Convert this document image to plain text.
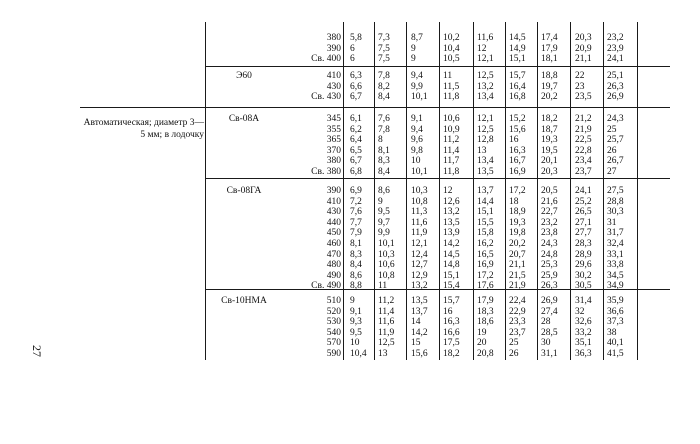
Автоматическая; диаметр 3—5 мм; в лодочку
27
380 5,8 7,3 8,7 10,2 11,6 14,5 17,4 20,3 23,2
390 6 7,5 9	10,4 12 14,9 17,9 20,9 23,9
Св. 400 6 7,5 9	10,5 12,1 15,1 18,1 21,1 24,1
Э60	410 6,3 7,8 9,4 11	12,5 15,7 18,8 22 25,1
430 6,6 8,2 9,9 11,5 13,2 16,4 19,7 23 26,3
Св. 430 6,7 8,4 10,1 11,8 13,4 16,8 20,2 23,5 26,9
Св-08А	345 6,1 7,6 9,1 10,6 12,1 15,2 18,2 21,2 24,3
355 6,2 7,8 9,4 10,9 12,5 15,6 18,7 21,9 25
365 6,4 8	9,6 11,2 12,8 16 19,3 22,5 25,7
370 6,5 8,1 9,8 11,4 13 16,3 19,5 22,8 26
380 6,7 8,3 10 11,7 13,4 16,7 20,1 23,4 26,7
Св. 380 6,8 8,4 10,1 11,8 13,5 16,9 20,3 23,7 27
Св-08ГА	390 6,9 8,6 10,3 12	13,7 17,2 20,5 24,1 27,5
410 7,2 9	10,8 12,6 14,4 18 21,6 25,2 28,8
430 7,6 9,5 11,3 13,2 15,1 18,9 22,7 26,5 30,3
440 7,7 9,7 11,6 13,5 15,5 19,3 23,2 27,1 31
450 7,9 9,9 11,9 13,9 15,8 19,8 23,8 27,7 31,7
460 8,1 10,1 12,1 14,2 16,2 20,2 24,3 28,3 32,4
470 8,3 10,3 12,4 14,5 16,5 20,7 24,8 28,9 33,1
480 8,4 10,6 12,7 14,8 16,9 21,1 25,3 29,6 33,8
490 8,6 10,8 12,9 15,1 17,2 21,5 25,9 30,2 34,5
Св. 490 8,8 11	13,2 15,4 17,6 21,9 26,3 30,5 34,9
Св-10НМА	510 9 11,2 13,5 15,7 17,9 22,4 26,9 31,4 35,9
520 9,1 11,4 13,7 16	18,3 22,9 27,4 32 36,6
530 9,3 11,6 14 16,3 18,6 23,3 28	32,6 37,3
540 9,5 11,9 14,2 16,6 19 23,7 28,5 33,2 38
570 10 12,5 15 17,5 20 25 30	35,1 40,1
590 10,4 13 15,6 18,2 20,8 26 31,1 36,3 41,5
